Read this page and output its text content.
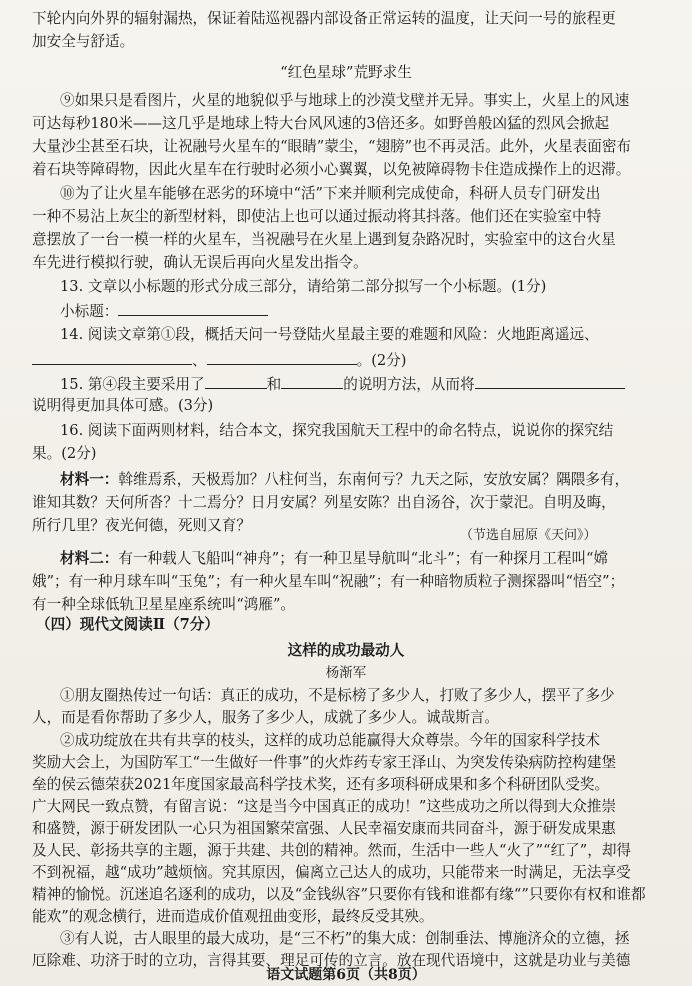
下轮内向外界的辐射漏热，保证着陆巡视器内部设备正常运转的温度，让天问一号的旅程更
加安全与舒适。
“红色星球”荒野求生
⑨如果只是看图片，火星的地貌似乎与地球上的沙漠戈壁并无异。事实上，火星上的风速
可达每秒180米——这几乎是地球上特大台风风速的3倍还多。如野兽般凶猛的烈风会掀起
大量沙尘甚至石块，让祝融号火星车的“眼睛”蒙尘，“翅膀”也不再灵活。此外，火星表面密布
着石块等障碍物，因此火星车在行驶时必须小心翼翼，以免被障碍物卡住造成操作上的迟滞。
⑩为了让火星车能够在恶劣的环境中“活”下来并顺利完成使命，科研人员专门研发出
一种不易沾上灰尘的新型材料，即使沾上也可以通过振动将其抖落。他们还在实验室中特
意摆放了一台一模一样的火星车，当祝融号在火星上遇到复杂路况时，实验室中的这台火星
车先进行模拟行驶，确认无误后再向火星发出指令。
13. 文章以小标题的形式分成三部分，请给第二部分拟写一个小标题。(1分)
小标题：
14. 阅读文章第①段，概括天问一号登陆火星最主要的难题和风险：火地距离遥远、
、	。(2分)
15. 第④段主要采用了	和	的说明方法，从而将
说明得更加具体可感。(3分)
16. 阅读下面两则材料，结合本文，探究我国航天工程中的命名特点，说说你的探究结
果。(2分)
材料一：斡维焉系，天极焉加？八柱何当，东南何亏？九天之际，安放安属？隅隈多有，
谁知其数？天何所沓？十二焉分？日月安属？列星安陈？出自汤谷，次于蒙汜。自明及晦，
所行几里？夜光何德，死则又育？
（节选自屈原《天问》）
材料二：有一种载人飞船叫“神舟”；有一种卫星导航叫“北斗”；有一种探月工程叫“嫦
娥”；有一种月球车叫“玉兔”；有一种火星车叫“祝融”；有一种暗物质粒子测探器叫“悟空”；
有一种全球低轨卫星星座系统叫“鸿雁”。
（四）现代文阅读Ⅱ（7分）
这样的成功最动人
杨渐军
①朋友圈热传过一句话：真正的成功，不是标榜了多少人，打败了多少人，摆平了多少
人，而是看你帮助了多少人，服务了多少人，成就了多少人。诚哉斯言。
②成功绽放在共有共享的枝头，这样的成功总能赢得大众尊崇。今年的国家科学技术
奖励大会上，为国防军工“一生做好一件事”的火炸药专家王泽山、为突发传染病防控构建堡
垒的侯云德荣获2021年度国家最高科学技术奖，还有多项科研成果和多个科研团队受奖。
广大网民一致点赞，有留言说：“这是当今中国真正的成功！”这些成功之所以得到大众推崇
和盛赞，源于研发团队一心只为祖国繁荣富强、人民幸福安康而共同奋斗，源于研发成果惠
及人民、彰扬共享的主题，源于共建、共创的精神。然而，生活中一些人“火了”“红了”，却得
不到祝福，越“成功”越烦恼。究其原因，偏离立己达人的成功，只能带来一时满足，无法享受
精神的愉悦。沉迷追名逐利的成功，以及“金钱纵容”只要你有钱和谁都有缘“”只要你有权和谁都
能欢”的观念横行，进而造成价值观扭曲变形，最终反受其殃。
③有人说，古人眼里的最大成功，是“三不朽”的集大成：创制垂法、博施济众的立德，拯
厄除难、功济于时的立功，言得其要、理足可传的立言。放在现代语境中，这就是功业与美德
语文试题第6页（共8页）
